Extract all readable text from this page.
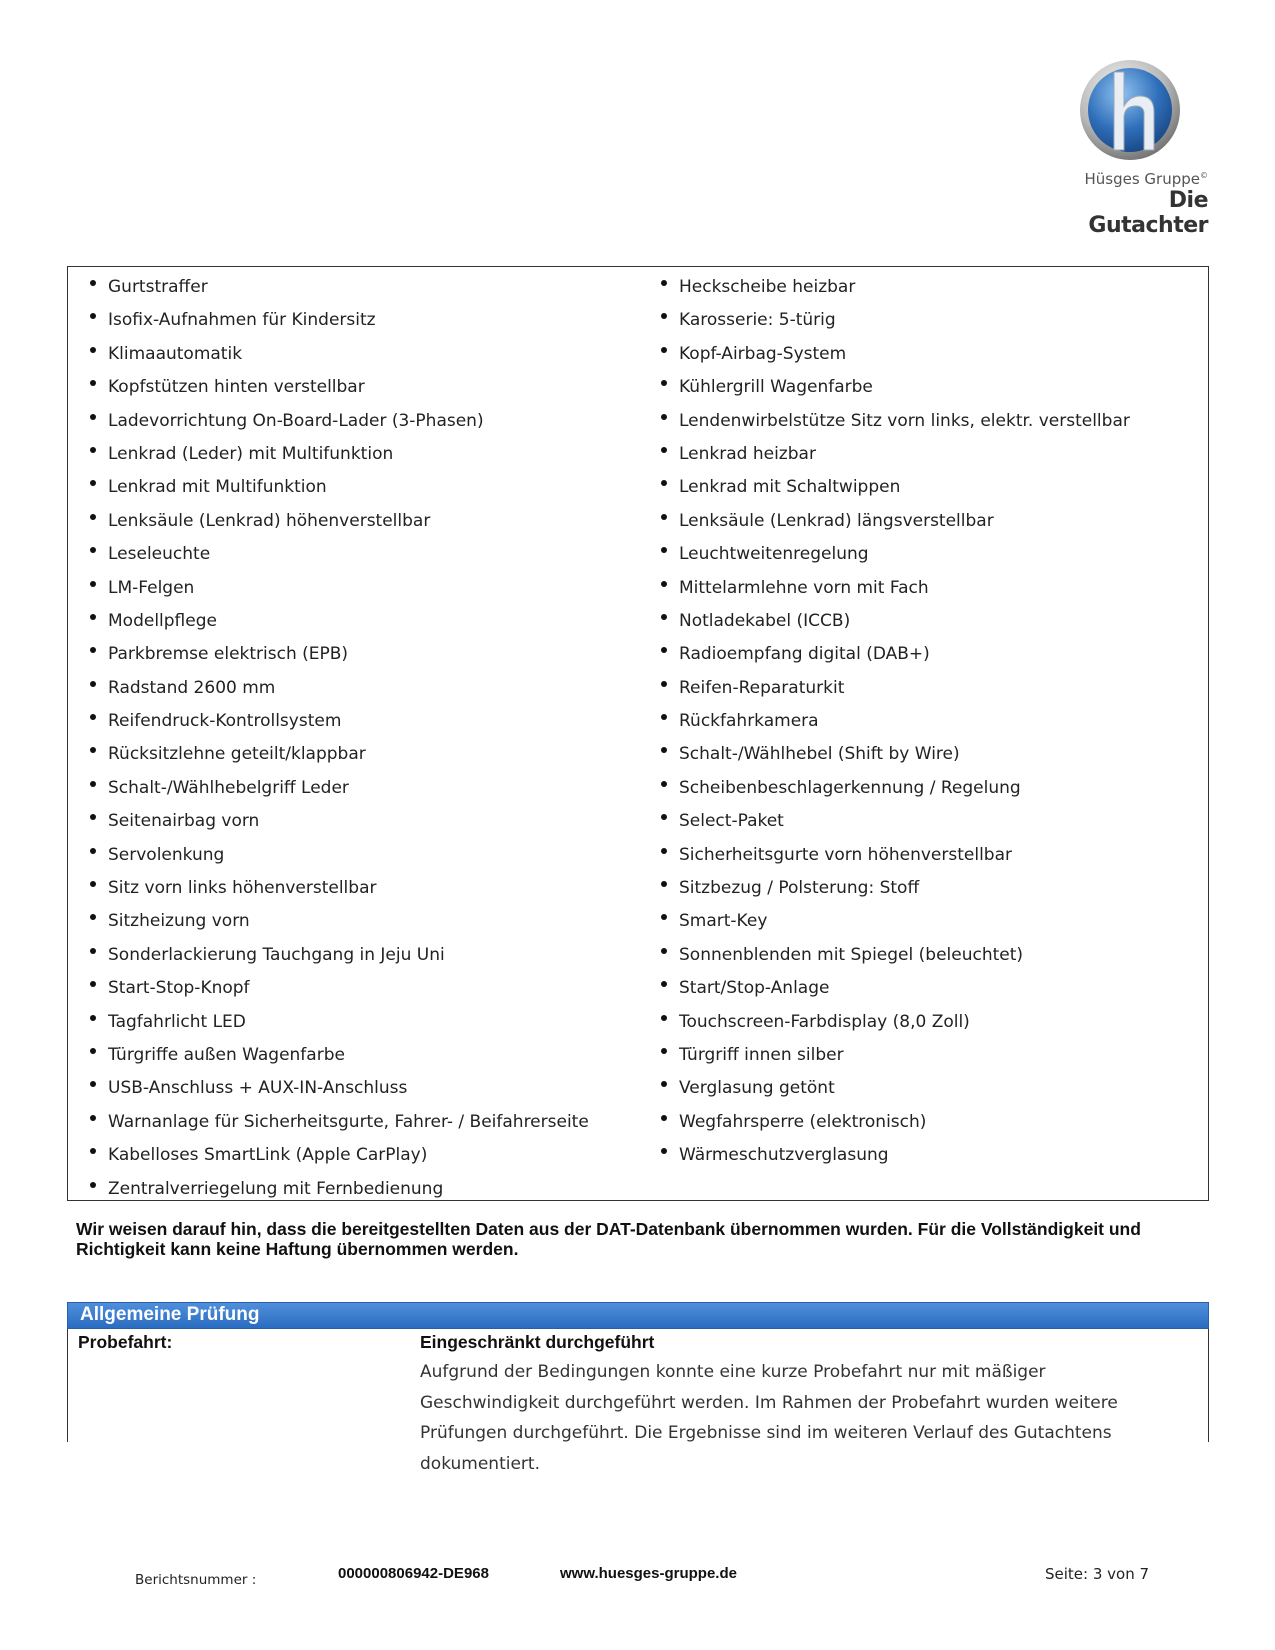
Hüsges Gruppe©
Die Gutachter
Gurtstraffer
Isofix-Aufnahmen für Kindersitz
Klimaautomatik
Kopfstützen hinten verstellbar
Ladevorrichtung On-Board-Lader (3-Phasen)
Lenkrad (Leder) mit Multifunktion
Lenkrad mit Multifunktion
Lenksäule (Lenkrad) höhenverstellbar
Leseleuchte
LM-Felgen
Modellpflege
Parkbremse elektrisch (EPB)
Radstand 2600 mm
Reifendruck-Kontrollsystem
Rücksitzlehne geteilt/klappbar
Schalt-/Wählhebelgriff Leder
Seitenairbag vorn
Servolenkung
Sitz vorn links höhenverstellbar
Sitzheizung vorn
Sonderlackierung Tauchgang in Jeju Uni
Start-Stop-Knopf
Tagfahrlicht LED
Türgriffe außen Wagenfarbe
USB-Anschluss + AUX-IN-Anschluss
Warnanlage für Sicherheitsgurte, Fahrer- / Beifahrerseite
Kabelloses SmartLink (Apple CarPlay)
Zentralverriegelung mit Fernbedienung
Heckscheibe heizbar
Karosserie: 5-türig
Kopf-Airbag-System
Kühlergrill Wagenfarbe
Lendenwirbelstütze Sitz vorn links, elektr. verstellbar
Lenkrad heizbar
Lenkrad mit Schaltwippen
Lenksäule (Lenkrad) längsverstellbar
Leuchtweitenregelung
Mittelarmlehne vorn mit Fach
Notladekabel (ICCB)
Radioempfang digital (DAB+)
Reifen-Reparaturkit
Rückfahrkamera
Schalt-/Wählhebel (Shift by Wire)
Scheibenbeschlagerkennung / Regelung
Select-Paket
Sicherheitsgurte vorn höhenverstellbar
Sitzbezug / Polsterung: Stoff
Smart-Key
Sonnenblenden mit Spiegel (beleuchtet)
Start/Stop-Anlage
Touchscreen-Farbdisplay (8,0 Zoll)
Türgriff innen silber
Verglasung getönt
Wegfahrsperre (elektronisch)
Wärmeschutzverglasung
Wir weisen darauf hin, dass die bereitgestellten Daten aus der DAT-Datenbank übernommen wurden. Für die Vollständigkeit und Richtigkeit kann keine Haftung übernommen werden.
Allgemeine Prüfung
Probefahrt:	Eingeschränkt durchgeführt
Aufgrund der Bedingungen konnte eine kurze Probefahrt nur mit mäßiger Geschwindigkeit durchgeführt werden. Im Rahmen der Probefahrt wurden weitere Prüfungen durchgeführt. Die Ergebnisse sind im weiteren Verlauf des Gutachtens dokumentiert.
Berichtsnummer :	000000806942-DE968	www.huesges-gruppe.de	Seite: 3 von 7
